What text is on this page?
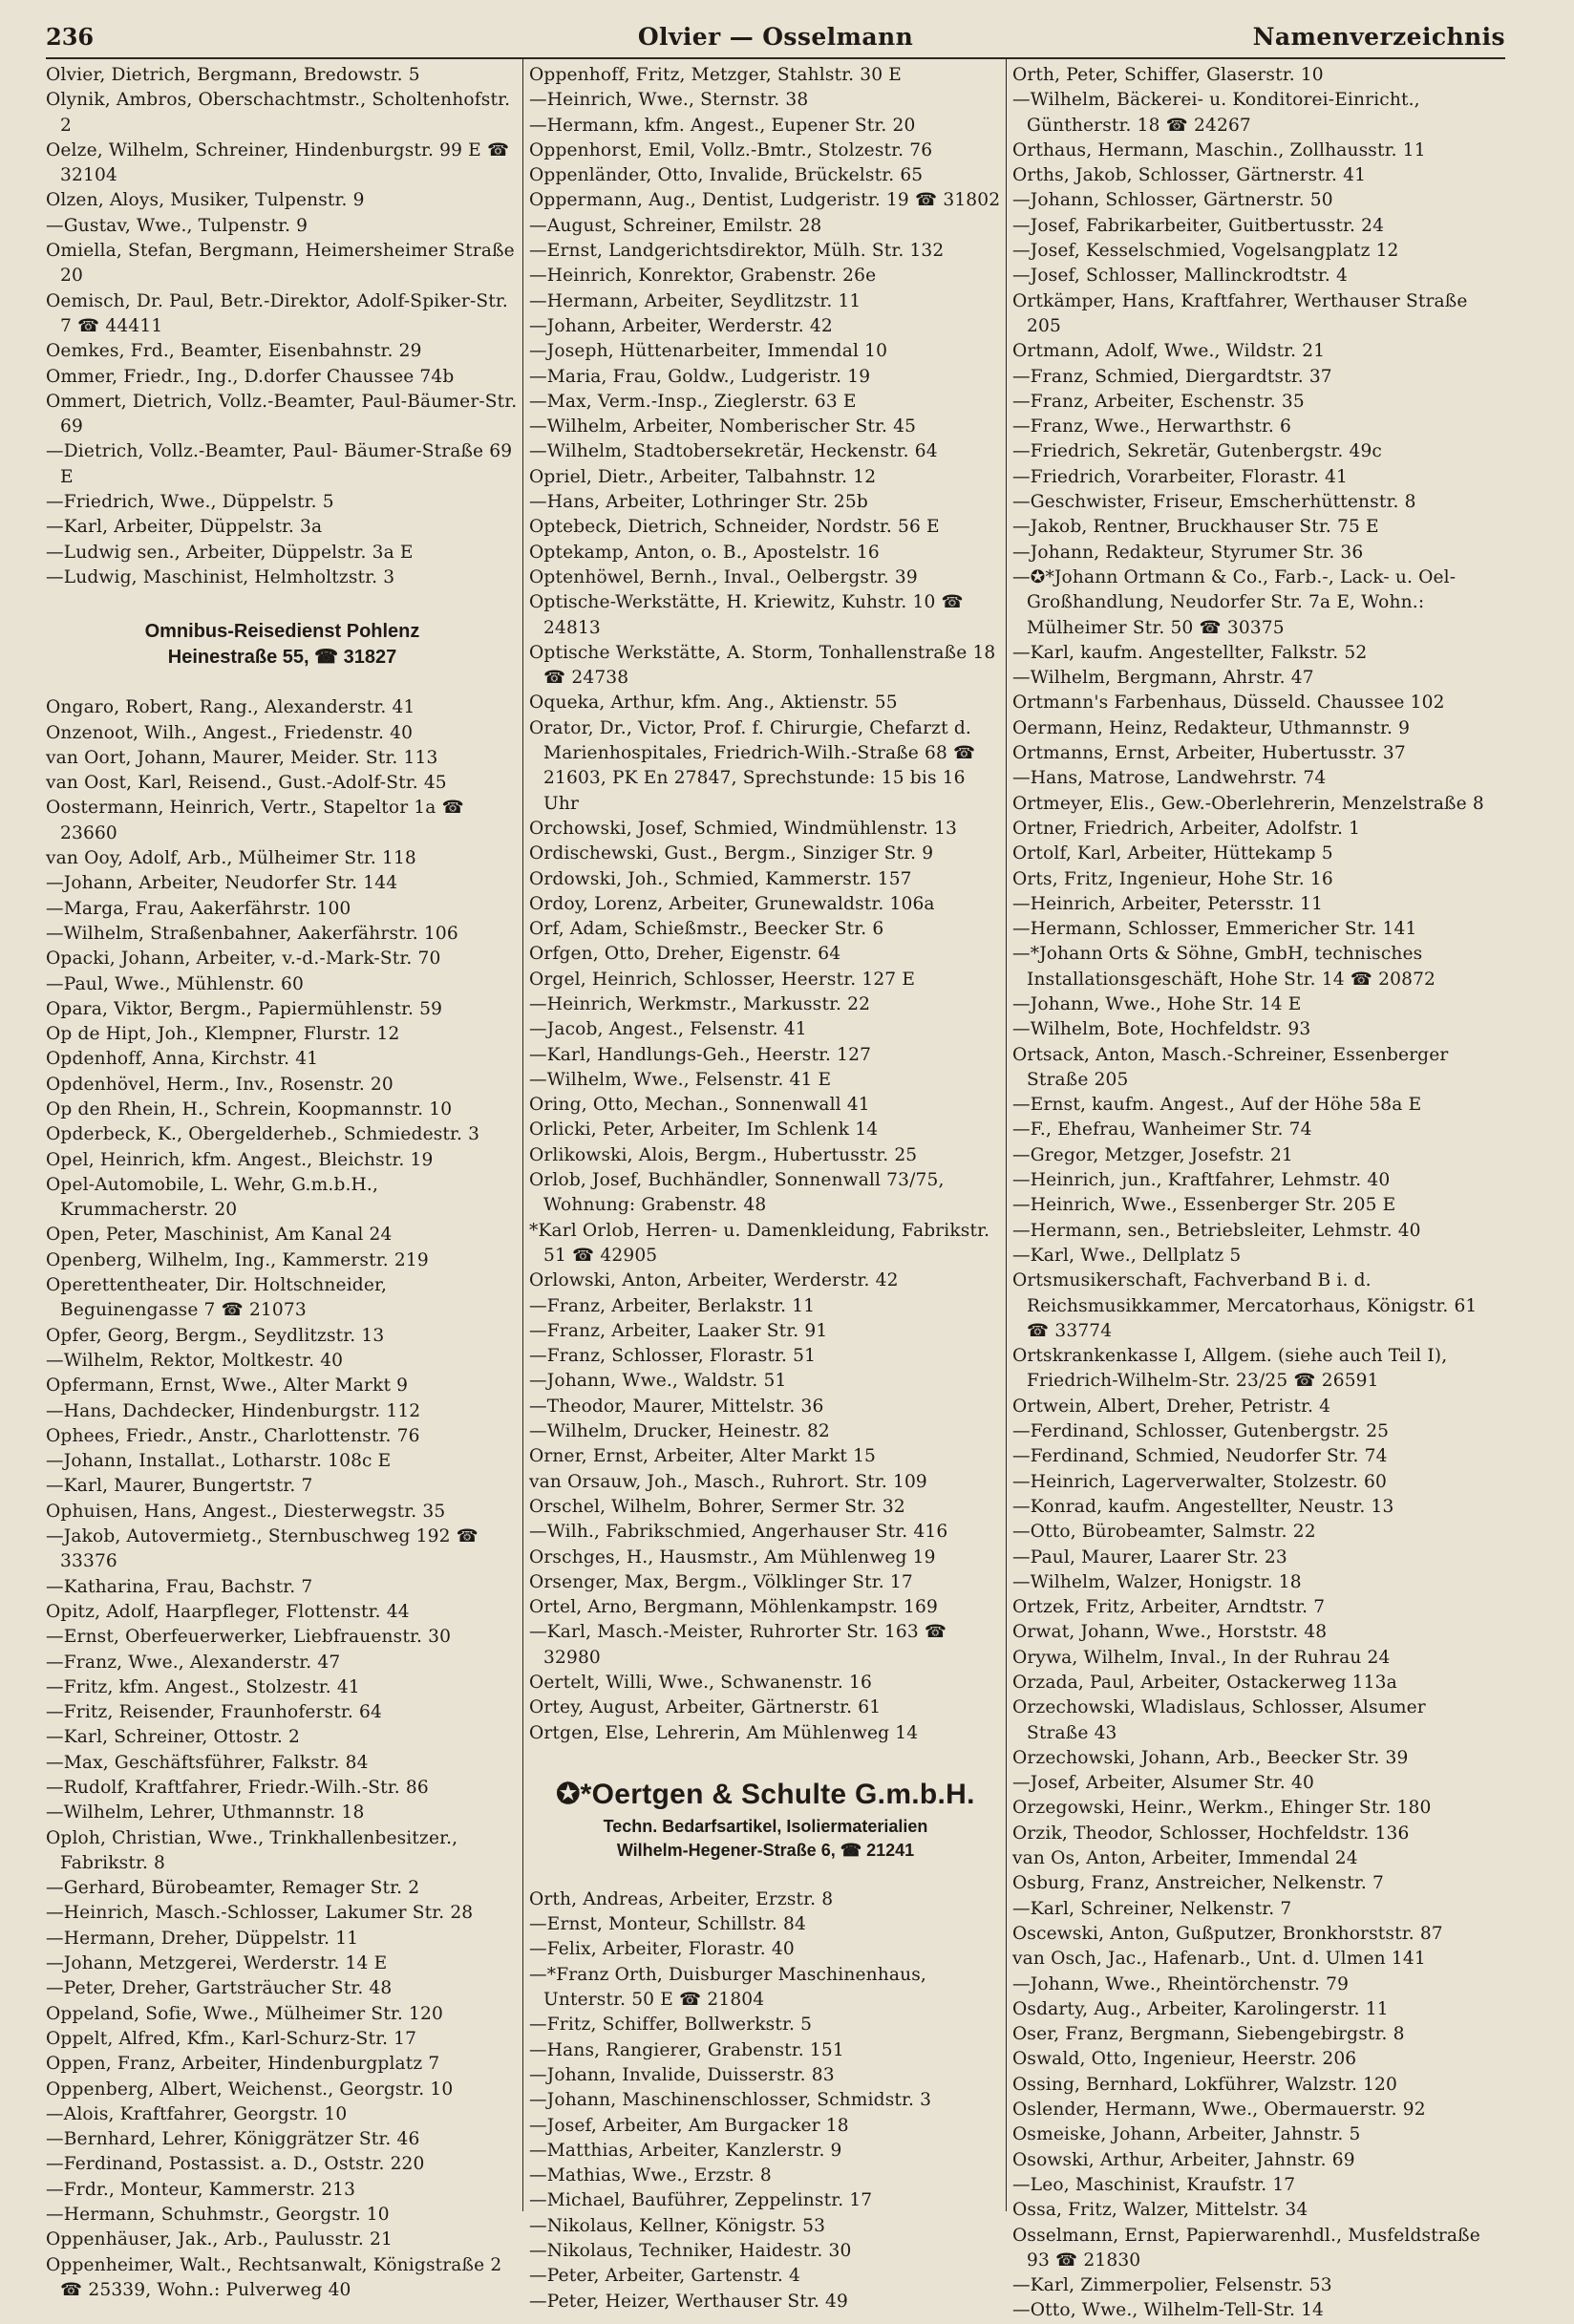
236	Olvier — Osselmann	Namenverzeichnis

Olvier, Dietrich, Bergmann, Bredowstr. 5

Olynik, Ambros, Oberschachtmstr., Scholtenhofstr. 2

Oelze, Wilhelm, Schreiner, Hindenburgstr. 99 E ☎ 32104

Olzen, Aloys, Musiker, Tulpenstr. 9

—Gustav, Wwe., Tulpenstr. 9

Omiella, Stefan, Bergmann, Heimersheimer Straße 20

Oemisch, Dr. Paul, Betr.-Direktor, Adolf-Spiker-Str. 7 ☎ 44411

Oemkes, Frd., Beamter, Eisenbahnstr. 29

Ommer, Friedr., Ing., D.dorfer Chaussee 74b

Ommert, Dietrich, Vollz.-Beamter, Paul-Bäumer-Str. 69

—Dietrich, Vollz.-Beamter, Paul- Bäumer-Straße 69 E

—Friedrich, Wwe., Düppelstr. 5

—Karl, Arbeiter, Düppelstr. 3a

—Ludwig sen., Arbeiter, Düppelstr. 3a E

—Ludwig, Maschinist, Helmholtzstr. 3

Omnibus-Reisedienst Pohlenz

Heinestraße 55, ☎ 31827

Ongaro, Robert, Rang., Alexanderstr. 41

Onzenoot, Wilh., Angest., Friedenstr. 40

van Oort, Johann, Maurer, Meider. Str. 113

van Oost, Karl, Reisend., Gust.-Adolf-Str. 45

Oostermann, Heinrich, Vertr., Stapeltor 1a ☎ 23660

van Ooy, Adolf, Arb., Mülheimer Str. 118

—Johann, Arbeiter, Neudorfer Str. 144

—Marga, Frau, Aakerfährstr. 100

—Wilhelm, Straßenbahner, Aakerfährstr. 106

Opacki, Johann, Arbeiter, v.-d.-Mark-Str. 70

—Paul, Wwe., Mühlenstr. 60

Opara, Viktor, Bergm., Papiermühlenstr. 59

Op de Hipt, Joh., Klempner, Flurstr. 12

Opdenhoff, Anna, Kirchstr. 41

Opdenhövel, Herm., Inv., Rosenstr. 20

Op den Rhein, H., Schrein, Koopmannstr. 10

Opderbeck, K., Obergelderheb., Schmiedestr. 3

Opel, Heinrich, kfm. Angest., Bleichstr. 19

Opel-Automobile, L. Wehr, G.m.b.H., Krummacherstr. 20

Open, Peter, Maschinist, Am Kanal 24

Openberg, Wilhelm, Ing., Kammerstr. 219

Operettentheater, Dir. Holtschneider, Beguinengasse 7 ☎ 21073

Opfer, Georg, Bergm., Seydlitzstr. 13

—Wilhelm, Rektor, Moltkestr. 40

Opfermann, Ernst, Wwe., Alter Markt 9

—Hans, Dachdecker, Hindenburgstr. 112

Ophees, Friedr., Anstr., Charlottenstr. 76

—Johann, Installat., Lotharstr. 108c E

—Karl, Maurer, Bungertstr. 7

Ophuisen, Hans, Angest., Diesterwegstr. 35

—Jakob, Autovermietg., Sternbuschweg 192 ☎ 33376

—Katharina, Frau, Bachstr. 7

Opitz, Adolf, Haarpfleger, Flottenstr. 44

—Ernst, Oberfeuerwerker, Liebfrauenstr. 30

—Franz, Wwe., Alexanderstr. 47

—Fritz, kfm. Angest., Stolzestr. 41

—Fritz, Reisender, Fraunhoferstr. 64

—Karl, Schreiner, Ottostr. 2

—Max, Geschäftsführer, Falkstr. 84

—Rudolf, Kraftfahrer, Friedr.-Wilh.-Str. 86

—Wilhelm, Lehrer, Uthmannstr. 18

Oploh, Christian, Wwe., Trinkhallenbesitzer., Fabrikstr. 8

—Gerhard, Bürobeamter, Remager Str. 2

—Heinrich, Masch.-Schlosser, Lakumer Str. 28

—Hermann, Dreher, Düppelstr. 11

—Johann, Metzgerei, Werderstr. 14 E

—Peter, Dreher, Gartsträucher Str. 48

Oppeland, Sofie, Wwe., Mülheimer Str. 120

Oppelt, Alfred, Kfm., Karl-Schurz-Str. 17

Oppen, Franz, Arbeiter, Hindenburgplatz 7

Oppenberg, Albert, Weichenst., Georgstr. 10

—Alois, Kraftfahrer, Georgstr. 10

—Bernhard, Lehrer, Königgrätzer Str. 46

—Ferdinand, Postassist. a. D., Oststr. 220

—Frdr., Monteur, Kammerstr. 213

—Hermann, Schuhmstr., Georgstr. 10

Oppenhäuser, Jak., Arb., Paulusstr. 21

Oppenheimer, Walt., Rechtsanwalt, Königstraße 2 ☎ 25339, Wohn.: Pulverweg 40

Oppenhoff, Fritz, Metzger, Stahlstr. 30 E

—Heinrich, Wwe., Sternstr. 38

—Hermann, kfm. Angest., Eupener Str. 20

Oppenhorst, Emil, Vollz.-Bmtr., Stolzestr. 76

Oppenländer, Otto, Invalide, Brückelstr. 65

Oppermann, Aug., Dentist, Ludgeristr. 19 ☎ 31802

—August, Schreiner, Emilstr. 28

—Ernst, Landgerichtsdirektor, Mülh. Str. 132

—Heinrich, Konrektor, Grabenstr. 26e

—Hermann, Arbeiter, Seydlitzstr. 11

—Johann, Arbeiter, Werderstr. 42

—Joseph, Hüttenarbeiter, Immendal 10

—Maria, Frau, Goldw., Ludgeristr. 19

—Max, Verm.-Insp., Zieglerstr. 63 E

—Wilhelm, Arbeiter, Nomberischer Str. 45

—Wilhelm, Stadtobersekretär, Heckenstr. 64

Opriel, Dietr., Arbeiter, Talbahnstr. 12

—Hans, Arbeiter, Lothringer Str. 25b

Optebeck, Dietrich, Schneider, Nordstr. 56 E

Optekamp, Anton, o. B., Apostelstr. 16

Optenhöwel, Bernh., Inval., Oelbergstr. 39

Optische-Werkstätte, H. Kriewitz, Kuhstr. 10 ☎ 24813

Optische Werkstätte, A. Storm, Tonhallenstraße 18 ☎ 24738

Oqueka, Arthur, kfm. Ang., Aktienstr. 55

Orator, Dr., Victor, Prof. f. Chirurgie, Chefarzt d. Marienhospitales, Friedrich-Wilh.-Straße 68 ☎ 21603, PK En 27847, Sprechstunde: 15 bis 16 Uhr

Orchowski, Josef, Schmied, Windmühlenstr. 13

Ordischewski, Gust., Bergm., Sinziger Str. 9

Ordowski, Joh., Schmied, Kammerstr. 157

Ordoy, Lorenz, Arbeiter, Grunewaldstr. 106a

Orf, Adam, Schießmstr., Beecker Str. 6

Orfgen, Otto, Dreher, Eigenstr. 64

Orgel, Heinrich, Schlosser, Heerstr. 127 E

—Heinrich, Werkmstr., Markusstr. 22

—Jacob, Angest., Felsenstr. 41

—Karl, Handlungs-Geh., Heerstr. 127

—Wilhelm, Wwe., Felsenstr. 41 E

Oring, Otto, Mechan., Sonnenwall 41

Orlicki, Peter, Arbeiter, Im Schlenk 14

Orlikowski, Alois, Bergm., Hubertusstr. 25

Orlob, Josef, Buchhändler, Sonnenwall 73/75, Wohnung: Grabenstr. 48

*Karl Orlob, Herren- u. Damenkleidung, Fabrikstr. 51 ☎ 42905

Orlowski, Anton, Arbeiter, Werderstr. 42

—Franz, Arbeiter, Berlakstr. 11

—Franz, Arbeiter, Laaker Str. 91

—Franz, Schlosser, Florastr. 51

—Johann, Wwe., Waldstr. 51

—Theodor, Maurer, Mittelstr. 36

—Wilhelm, Drucker, Heinestr. 82

Orner, Ernst, Arbeiter, Alter Markt 15

van Orsauw, Joh., Masch., Ruhrort. Str. 109

Orschel, Wilhelm, Bohrer, Sermer Str. 32

—Wilh., Fabrikschmied, Angerhauser Str. 416

Orschges, H., Hausmstr., Am Mühlenweg 19

Orsenger, Max, Bergm., Völklinger Str. 17

Ortel, Arno, Bergmann, Möhlenkampstr. 169

—Karl, Masch.-Meister, Ruhrorter Str. 163 ☎ 32980

Oertelt, Willi, Wwe., Schwanenstr. 16

Ortey, August, Arbeiter, Gärtnerstr. 61

Ortgen, Else, Lehrerin, Am Mühlenweg 14

✪*Oertgen & Schulte G.m.b.H.

Techn. Bedarfsartikel, Isoliermaterialien

Wilhelm-Hegener-Straße 6, ☎ 21241

Orth, Andreas, Arbeiter, Erzstr. 8

—Ernst, Monteur, Schillstr. 84

—Felix, Arbeiter, Florastr. 40

—*Franz Orth, Duisburger Maschinenhaus, Unterstr. 50 E ☎ 21804

—Fritz, Schiffer, Bollwerkstr. 5

—Hans, Rangierer, Grabenstr. 151

—Johann, Invalide, Duisserstr. 83

—Johann, Maschinenschlosser, Schmidstr. 3

—Josef, Arbeiter, Am Burgacker 18

—Matthias, Arbeiter, Kanzlerstr. 9

—Mathias, Wwe., Erzstr. 8

—Michael, Bauführer, Zeppelinstr. 17

—Nikolaus, Kellner, Königstr. 53

—Nikolaus, Techniker, Haidestr. 30

—Peter, Arbeiter, Gartenstr. 4

—Peter, Heizer, Werthauser Str. 49

Orth, Peter, Schiffer, Glaserstr. 10

—Wilhelm, Bäckerei- u. Konditorei-Einricht., Güntherstr. 18 ☎ 24267

Orthaus, Hermann, Maschin., Zollhausstr. 11

Orths, Jakob, Schlosser, Gärtnerstr. 41

—Johann, Schlosser, Gärtnerstr. 50

—Josef, Fabrikarbeiter, Guitbertusstr. 24

—Josef, Kesselschmied, Vogelsangplatz 12

—Josef, Schlosser, Mallinckrodtstr. 4

Ortkämper, Hans, Kraftfahrer, Werthauser Straße 205

Ortmann, Adolf, Wwe., Wildstr. 21

—Franz, Schmied, Diergardtstr. 37

—Franz, Arbeiter, Eschenstr. 35

—Franz, Wwe., Herwarthstr. 6

—Friedrich, Sekretär, Gutenbergstr. 49c

—Friedrich, Vorarbeiter, Florastr. 41

—Geschwister, Friseur, Emscherhüttenstr. 8

—Jakob, Rentner, Bruckhauser Str. 75 E

—Johann, Redakteur, Styrumer Str. 36

—✪*Johann Ortmann & Co., Farb.-, Lack- u. Oel-Großhandlung, Neudorfer Str. 7a E, Wohn.: Mülheimer Str. 50 ☎ 30375

—Karl, kaufm. Angestellter, Falkstr. 52

—Wilhelm, Bergmann, Ahrstr. 47

Ortmann's Farbenhaus, Düsseld. Chaussee 102

Oermann, Heinz, Redakteur, Uthmannstr. 9

Ortmanns, Ernst, Arbeiter, Hubertusstr. 37

—Hans, Matrose, Landwehrstr. 74

Ortmeyer, Elis., Gew.-Oberlehrerin, Menzelstraße 8

Ortner, Friedrich, Arbeiter, Adolfstr. 1

Ortolf, Karl, Arbeiter, Hüttekamp 5

Orts, Fritz, Ingenieur, Hohe Str. 16

—Heinrich, Arbeiter, Petersstr. 11

—Hermann, Schlosser, Emmericher Str. 141

—*Johann Orts & Söhne, GmbH, technisches Installationsgeschäft, Hohe Str. 14 ☎ 20872

—Johann, Wwe., Hohe Str. 14 E

—Wilhelm, Bote, Hochfeldstr. 93

Ortsack, Anton, Masch.-Schreiner, Essenberger Straße 205

—Ernst, kaufm. Angest., Auf der Höhe 58a E

—F., Ehefrau, Wanheimer Str. 74

—Gregor, Metzger, Josefstr. 21

—Heinrich, jun., Kraftfahrer, Lehmstr. 40

—Heinrich, Wwe., Essenberger Str. 205 E

—Hermann, sen., Betriebsleiter, Lehmstr. 40

—Karl, Wwe., Dellplatz 5

Ortsmusikerschaft, Fachverband B i. d. Reichsmusikkammer, Mercatorhaus, Königstr. 61 ☎ 33774

Ortskrankenkasse I, Allgem. (siehe auch Teil I), Friedrich-Wilhelm-Str. 23/25 ☎ 26591

Ortwein, Albert, Dreher, Petristr. 4

—Ferdinand, Schlosser, Gutenbergstr. 25

—Ferdinand, Schmied, Neudorfer Str. 74

—Heinrich, Lagerverwalter, Stolzestr. 60

—Konrad, kaufm. Angestellter, Neustr. 13

—Otto, Bürobeamter, Salmstr. 22

—Paul, Maurer, Laarer Str. 23

—Wilhelm, Walzer, Honigstr. 18

Ortzek, Fritz, Arbeiter, Arndtstr. 7

Orwat, Johann, Wwe., Horststr. 48

Orywa, Wilhelm, Inval., In der Ruhrau 24

Orzada, Paul, Arbeiter, Ostackerweg 113a

Orzechowski, Wladislaus, Schlosser, Alsumer Straße 43

Orzechowski, Johann, Arb., Beecker Str. 39

—Josef, Arbeiter, Alsumer Str. 40

Orzegowski, Heinr., Werkm., Ehinger Str. 180

Orzik, Theodor, Schlosser, Hochfeldstr. 136

van Os, Anton, Arbeiter, Immendal 24

Osburg, Franz, Anstreicher, Nelkenstr. 7

—Karl, Schreiner, Nelkenstr. 7

Oscewski, Anton, Gußputzer, Bronkhorststr. 87

van Osch, Jac., Hafenarb., Unt. d. Ulmen 141

—Johann, Wwe., Rheintörchenstr. 79

Osdarty, Aug., Arbeiter, Karolingerstr. 11

Oser, Franz, Bergmann, Siebengebirgstr. 8

Oswald, Otto, Ingenieur, Heerstr. 206

Ossing, Bernhard, Lokführer, Walzstr. 120

Oslender, Hermann, Wwe., Obermauerstr. 92

Osmeiske, Johann, Arbeiter, Jahnstr. 5

Osowski, Arthur, Arbeiter, Jahnstr. 69

—Leo, Maschinist, Kraufstr. 17

Ossa, Fritz, Walzer, Mittelstr. 34

Osselmann, Ernst, Papierwarenhdl., Musfeldstraße 93 ☎ 21830

—Karl, Zimmerpolier, Felsenstr. 53

—Otto, Wwe., Wilhelm-Tell-Str. 14
